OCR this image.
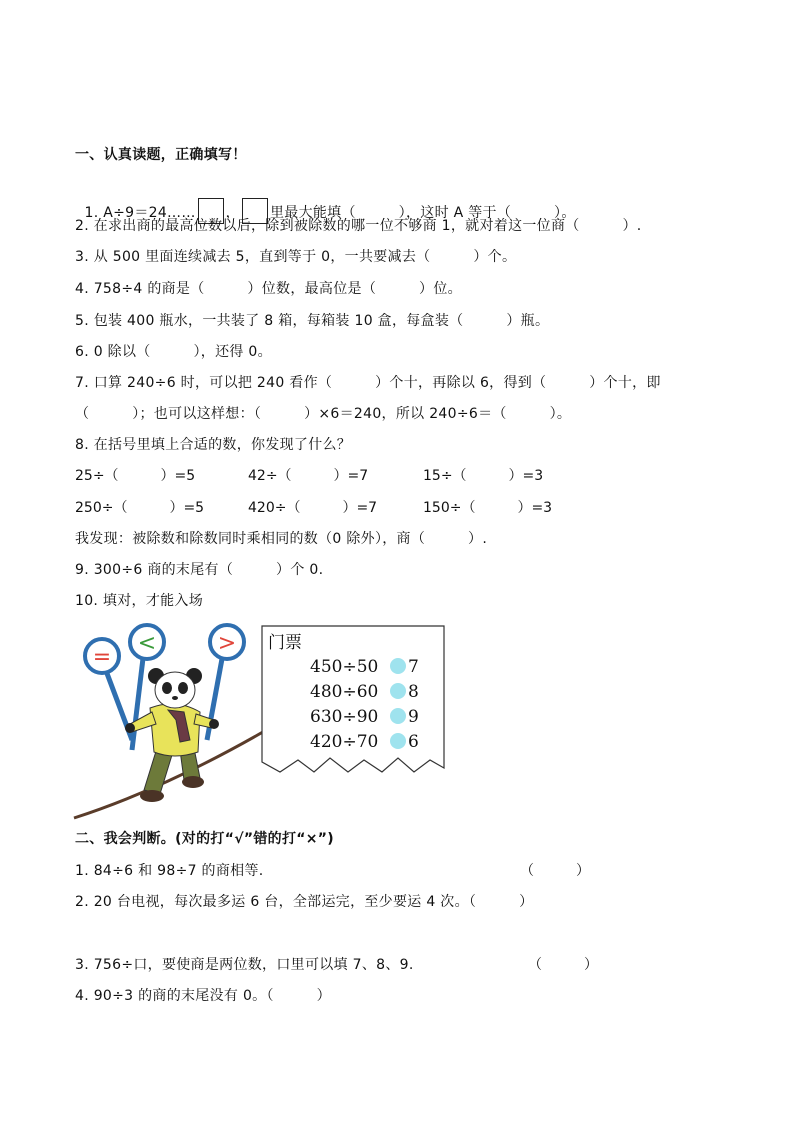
一、认真读题，正确填写！

1. A÷9＝24…… ， 里最大能填（　　　），这时 A 等于（　　　）。

2. 在求出商的最高位数以后，除到被除数的哪一位不够商 1，就对着这一位商（　　　）.
3. 从 500 里面连续减去 5，直到等于 0，一共要减去（　　　）个。
4. 758÷4 的商是（　　　）位数，最高位是（　　　）位。
5. 包装 400 瓶水，一共装了 8 箱，每箱装 10 盒，每盒装（　　　）瓶。
6. 0 除以（　　　），还得 0。
7. 口算 240÷6 时，可以把 240 看作（　　　）个十，再除以 6，得到（　　　）个十，即
（　　　）；也可以这样想：（　　　）×6＝240，所以 240÷6＝（　　　）。
8. 在括号里填上合适的数，你发现了什么？
25÷（　　　）=5	42÷（　　　）=7	15÷（　　　）=3
250÷（　　　）=5	420÷（　　　）=7	150÷（　　　）=3
我发现：被除数和除数同时乘相同的数（0 除外），商（　　　）.
9. 300÷6 商的末尾有（　　　）个 0.
10. 填对，才能入场
=
<	> 门票
450÷50 7
480÷60 8
630÷90 9
420÷70 6
二、我会判断。(对的打“√”错的打“×”)
1. 84÷6 和 98÷7 的商相等.	（　　　）
2. 20 台电视，每次最多运 6 台，全部运完，至少要运 4 次。（　　　）
3. 756÷口，要使商是两位数，口里可以填 7、8、9.	（　　　）
4. 90÷3 的商的末尾没有 0。（　　　）
